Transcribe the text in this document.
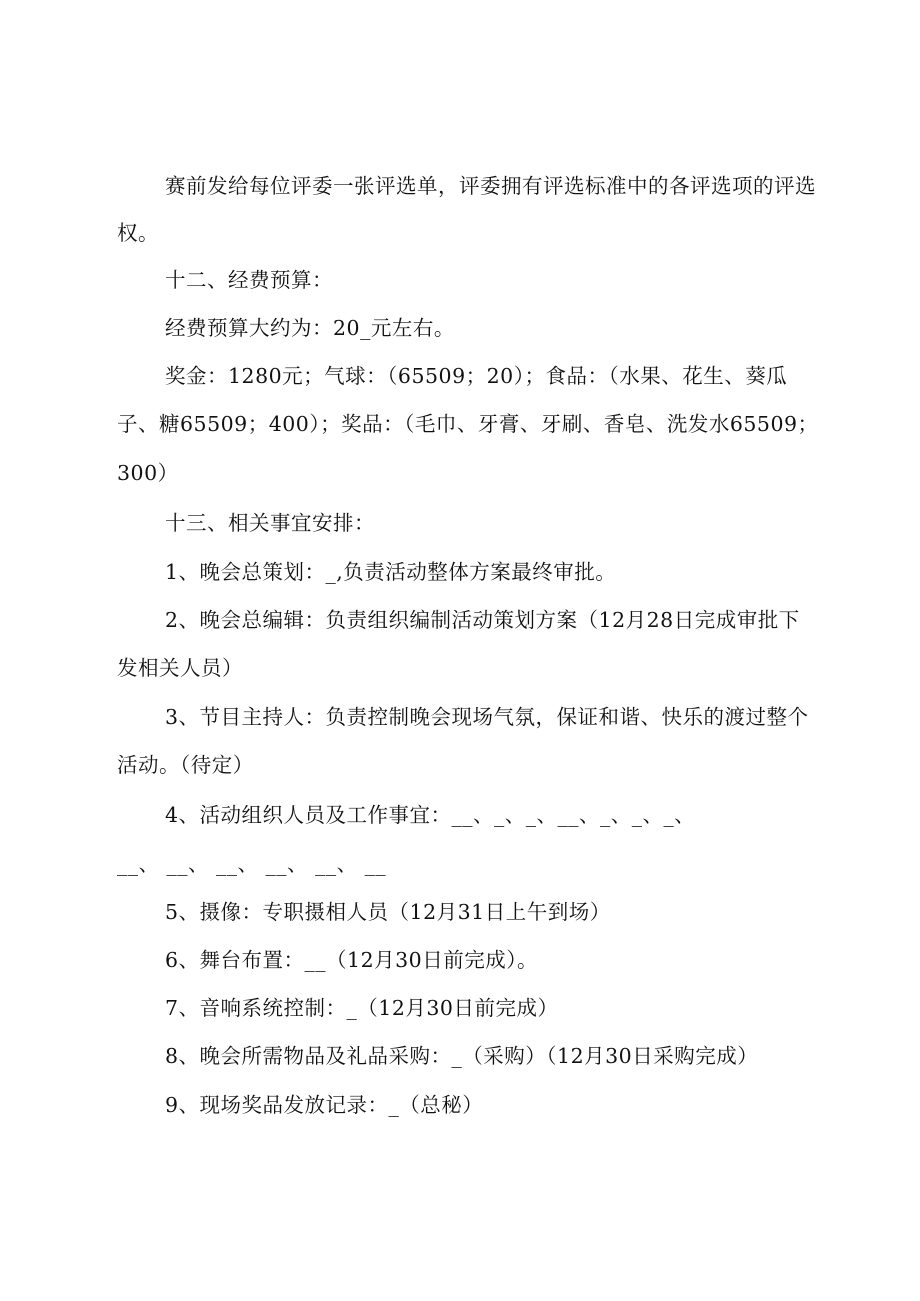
赛前发给每位评委一张评选单，评委拥有评选标准中的各评选项的评选

权。

十二、经费预算：

经费预算大约为：20_元左右。

奖金：1280元；气球：（65509；20）；食品：（水果、花生、葵瓜

子、糖65509；400）；奖品：（毛巾、牙膏、牙刷、香皂、洗发水65509；

300）

十三、相关事宜安排：

1、晚会总策划：_,负责活动整体方案最终审批。

2、晚会总编辑：负责组织编制活动策划方案（12月28日完成审批下

发相关人员）

3、节目主持人：负责控制晚会现场气氛，保证和谐、快乐的渡过整个

活动。（待定）

4、活动组织人员及工作事宜：__、_、_、__、_、_、_、

__、 __、 __、 __、 __、 __

5、摄像：专职摄相人员（12月31日上午到场）

6、舞台布置：__（12月30日前完成）。

7、音响系统控制：_（12月30日前完成）

8、晚会所需物品及礼品采购：_（采购）（12月30日采购完成）

9、现场奖品发放记录：_（总秘）
